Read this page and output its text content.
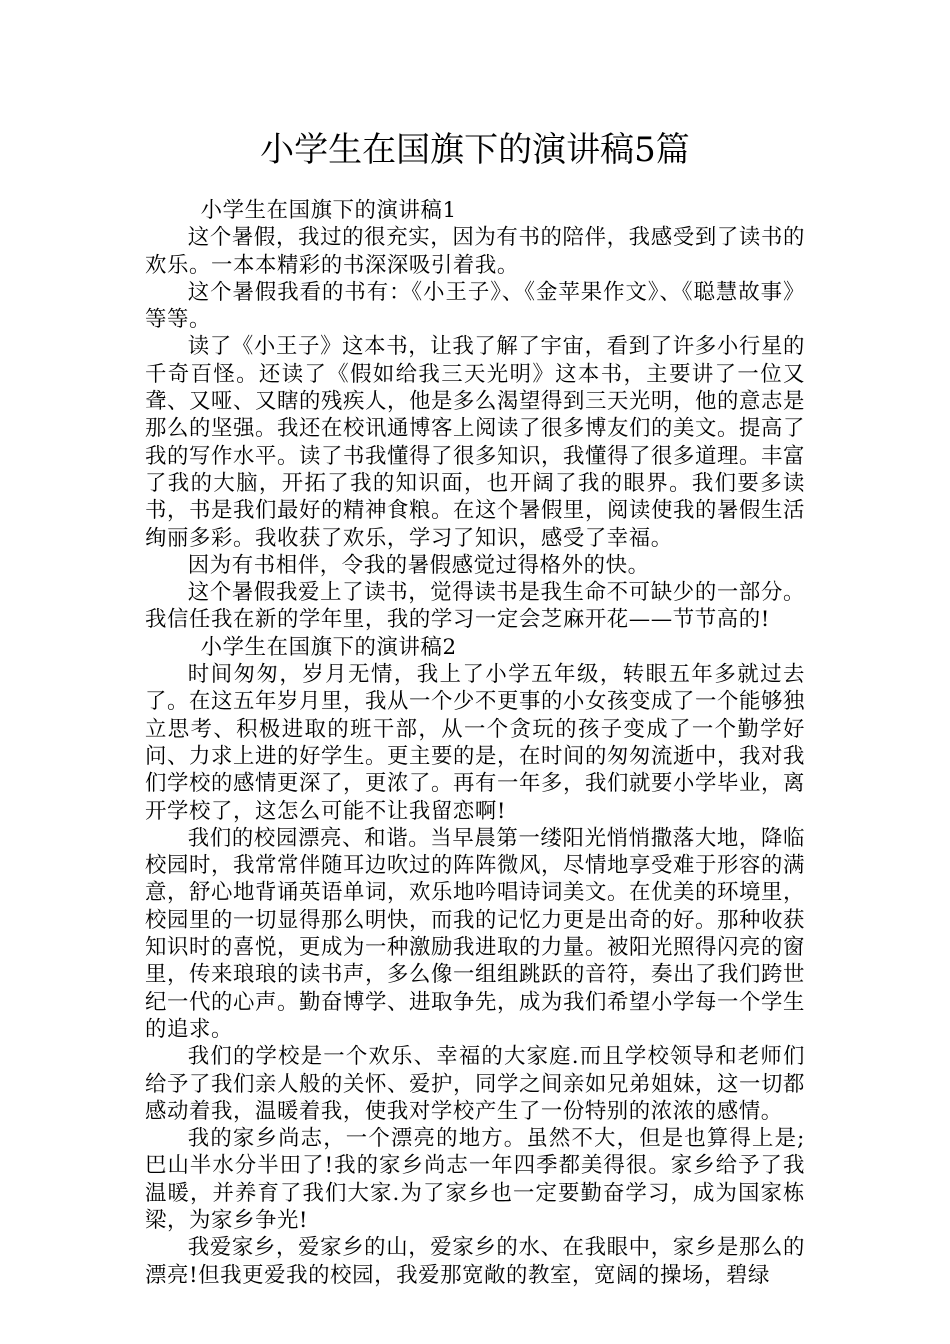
小学生在国旗下的演讲稿5篇

小学生在国旗下的演讲稿1

这个暑假，我过的很充实，因为有书的陪伴，我感受到了读书的欢乐。一本本精彩的书深深吸引着我。

这个暑假我看的书有：《小王子》、《金苹果作文》、《聪慧故事》等等。

读了《小王子》这本书，让我了解了宇宙，看到了许多小行星的千奇百怪。还读了《假如给我三天光明》这本书，主要讲了一位又聋、又哑、又瞎的残疾人，他是多么渴望得到三天光明，他的意志是那么的坚强。我还在校讯通博客上阅读了很多博友们的美文。提高了我的写作水平。读了书我懂得了很多知识，我懂得了很多道理。丰富了我的大脑，开拓了我的知识面，也开阔了我的眼界。我们要多读书，书是我们最好的精神食粮。在这个暑假里，阅读使我的暑假生活绚丽多彩。我收获了欢乐，学习了知识，感受了幸福。

因为有书相伴，令我的暑假感觉过得格外的快。

这个暑假我爱上了读书，觉得读书是我生命不可缺少的一部分。我信任我在新的学年里，我的学习一定会芝麻开花——节节高的!

小学生在国旗下的演讲稿2

时间匆匆，岁月无情，我上了小学五年级，转眼五年多就过去了。在这五年岁月里，我从一个少不更事的小女孩变成了一个能够独立思考、积极进取的班干部，从一个贪玩的孩子变成了一个勤学好问、力求上进的好学生。更主要的是，在时间的匆匆流逝中，我对我们学校的感情更深了，更浓了。再有一年多，我们就要小学毕业，离开学校了，这怎么可能不让我留恋啊!

我们的校园漂亮、和谐。当早晨第一缕阳光悄悄撒落大地，降临校园时，我常常伴随耳边吹过的阵阵微风，尽情地享受难于形容的满意，舒心地背诵英语单词，欢乐地吟唱诗词美文。在优美的环境里，校园里的一切显得那么明快，而我的记忆力更是出奇的好。那种收获知识时的喜悦，更成为一种激励我进取的力量。被阳光照得闪亮的窗里，传来琅琅的读书声，多么像一组组跳跃的音符，奏出了我们跨世纪一代的心声。勤奋博学、进取争先，成为我们希望小学每一个学生的追求。

我们的学校是一个欢乐、幸福的大家庭.而且学校领导和老师们给予了我们亲人般的关怀、爱护，同学之间亲如兄弟姐妹，这一切都感动着我，温暖着我，使我对学校产生了一份特别的浓浓的感情。

我的家乡尚志，一个漂亮的地方。虽然不大，但是也算得上是;巴山半水分半田了!我的家乡尚志一年四季都美得很。家乡给予了我温暖，并养育了我们大家.为了家乡也一定要勤奋学习，成为国家栋梁，为家乡争光!

我爱家乡，爱家乡的山，爱家乡的水、在我眼中，家乡是那么的漂亮!但我更爱我的校园，我爱那宽敞的教室，宽阔的操场，碧绿
